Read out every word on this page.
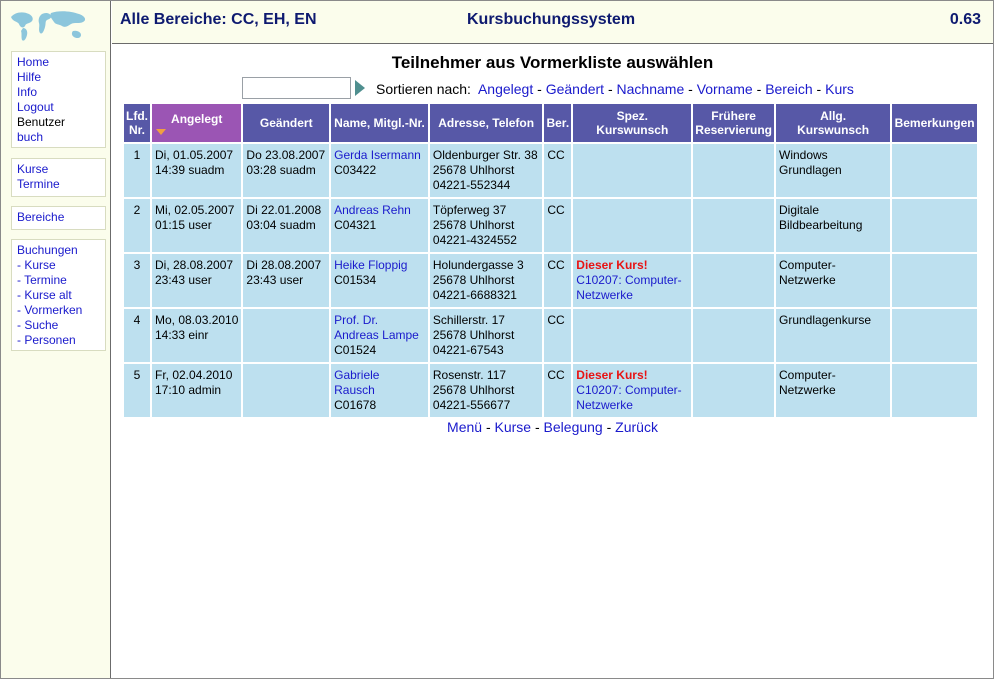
Home
Hilfe
Info
Logout
Benutzer
buch
Kurse
Termine
Bereiche
Buchungen
- Kurse
- Termine
- Kurse alt
- Vormerken
- Suche
- Personen
Alle Bereiche: CC, EH, EN	Kursbuchungssystem	0.63
Teilnehmer aus Vormerkliste auswählen
Sortieren nach: Angelegt - Geändert - Nachname - Vorname - Bereich - Kurs
Lfd.
Nr.	Angelegt	Geändert	Name, Mitgl.-Nr.	Adresse, Telefon	Ber.	Spez.
Kurswunsch	Frühere
Reservierung	Allg.
Kurswunsch	Bemerkungen
1	Di, 01.05.2007
14:39 suadm	Do 23.08.2007
03:28 suadm	Gerda Isermann
C03422	Oldenburger Str. 38
25678 Uhlhorst
04221-552344	CC			Windows
Grundlagen	

2	Mi, 02.05.2007
01:15 user	Di 22.01.2008
03:04 suadm	Andreas Rehn
C04321	Töpferweg 37
25678 Uhlhorst
04221-4324552	CC			Digitale
Bildbearbeitung	

3	Di, 28.08.2007
23:43 user	Di 28.08.2007
23:43 user	Heike Floppig
C01534	Holundergasse 3
25678 Uhlhorst
04221-6688321	CC	Dieser Kurs!
C10207: Computer-
Netzwerke		Computer-
Netzwerke	

4	Mo, 08.03.2010
14:33 einr		Prof. Dr.
Andreas Lampe
C01524	Schillerstr. 17
25678 Uhlhorst
04221-67543	CC			Grundlagenkurse	

5	Fr, 02.04.2010
17:10 admin		Gabriele
Rausch
C01678	Rosenstr. 117
25678 Uhlhorst
04221-556677	CC	Dieser Kurs!
C10207: Computer-
Netzwerke		Computer-
Netzwerke	

Menü - Kurse - Belegung - Zurück
